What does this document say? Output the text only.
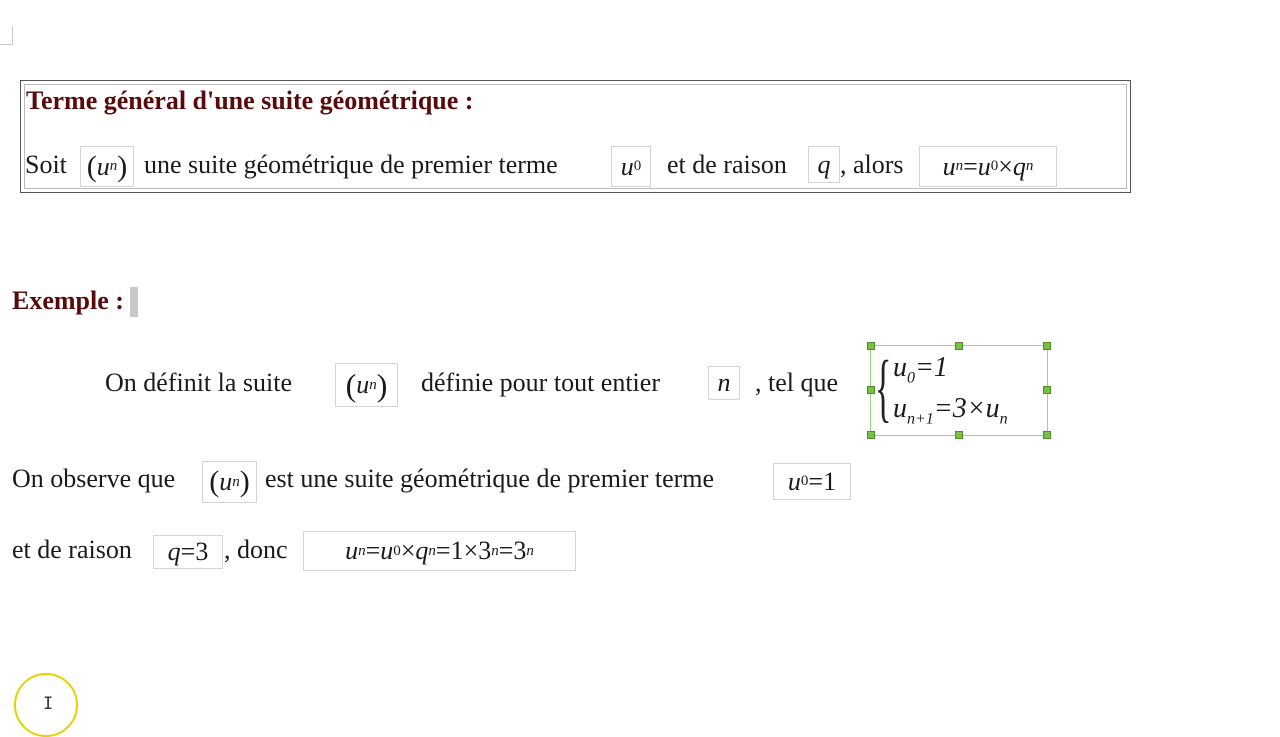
Terme général d'une suite géométrique :
Soit ( u n ) une suite géométrique de premier terme u 0 et de raison q , alors u n = u 0 × q n
Exemple :
On définit la suite ( u n ) définie pour tout entier n , tel que { $u_0=1$
$u_{n+1}=3\times u_n$
On observe que ( u n ) est une suite géométrique de premier terme	u 0 =1
et de raison q =3 , donc u n = u 0 × q n =1×3 n =3 n
I
